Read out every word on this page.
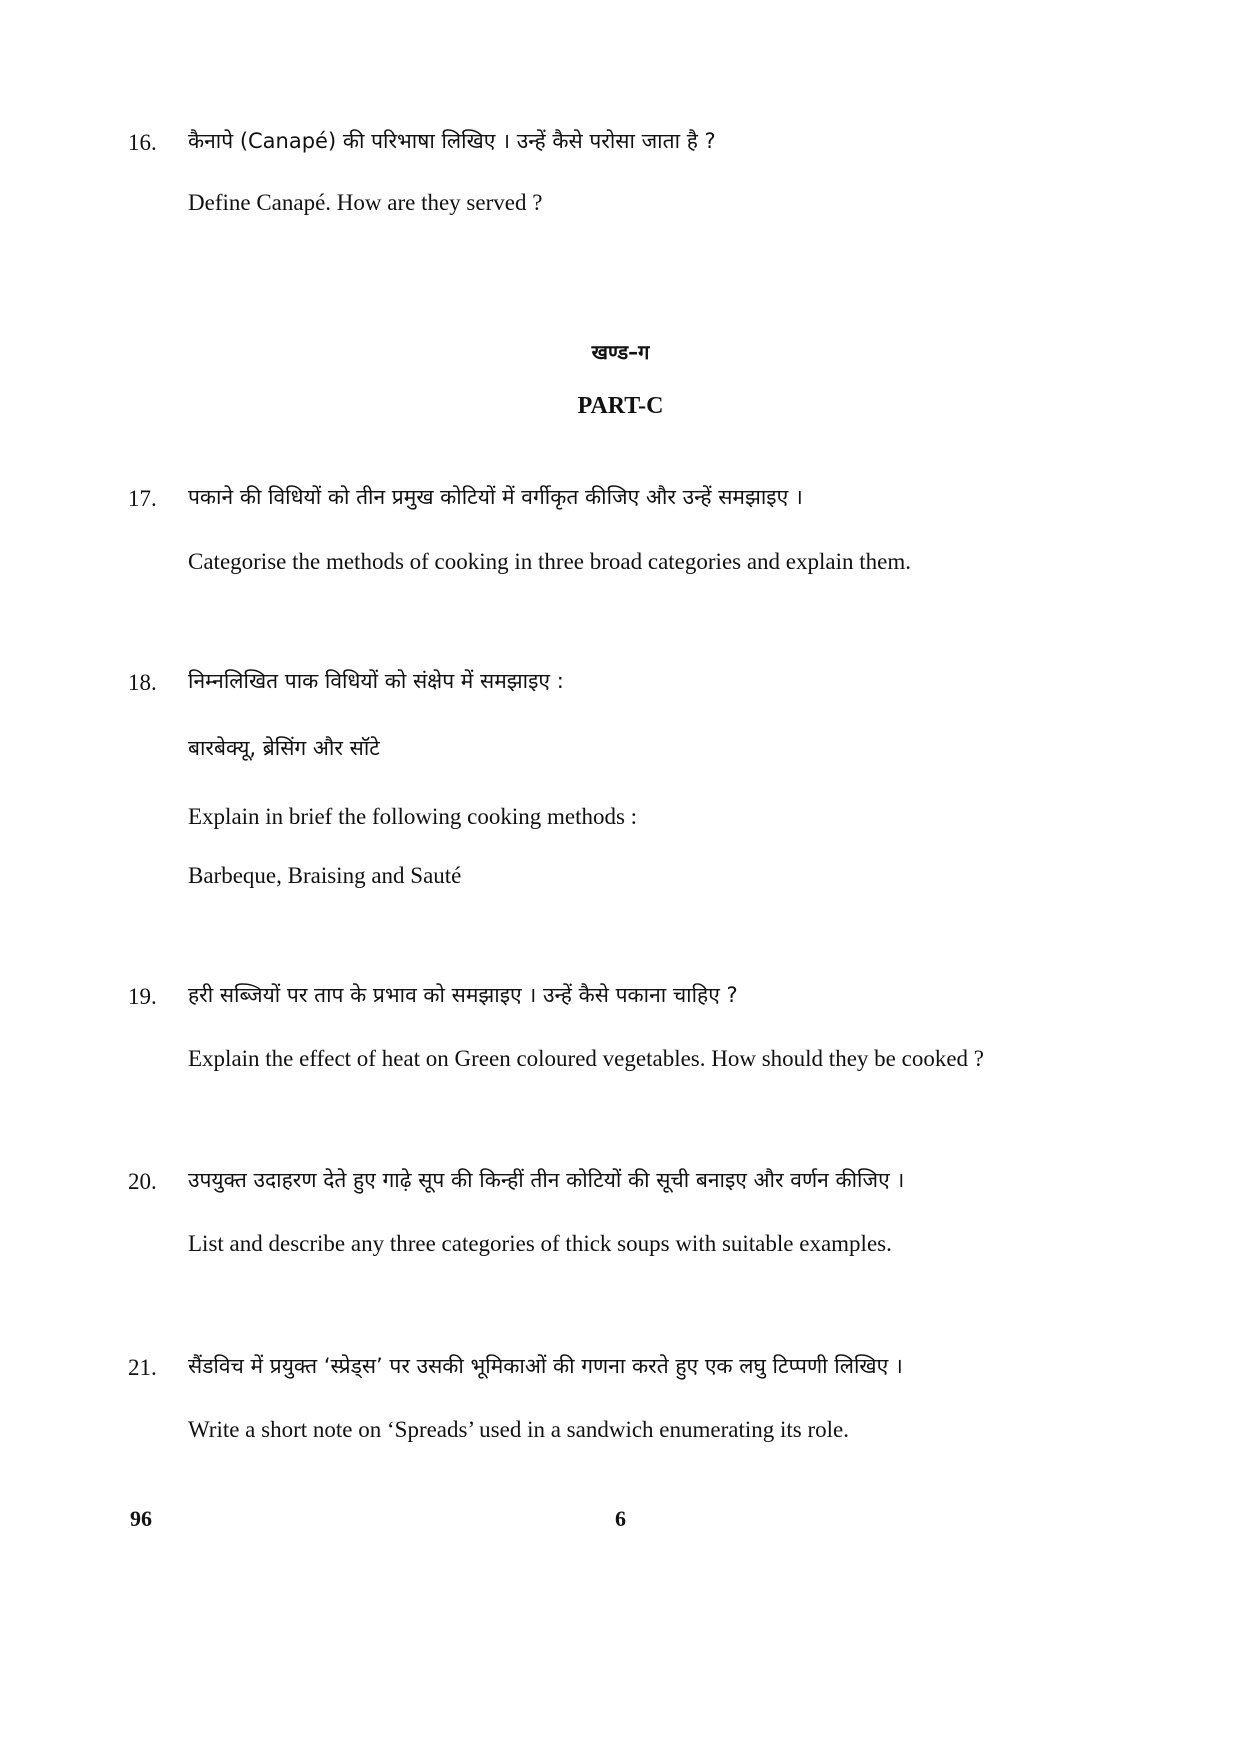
16. कैनापे (Canapé) की परिभाषा लिखिए । उन्हें कैसे परोसा जाता है ?
Define Canapé. How are they served ?
खण्ड–ग
PART-C
17. पकाने की विधियों को तीन प्रमुख कोटियों में वर्गीकृत कीजिए और उन्हें समझाइए ।
Categorise the methods of cooking in three broad categories and explain them.
18. निम्नलिखित पाक विधियों को संक्षेप में समझाइए :
बारबेक्यू, ब्रेसिंग और सॉटे
Explain in brief the following cooking methods :
Barbeque, Braising and Sauté
19. हरी सब्जियों पर ताप के प्रभाव को समझाइए । उन्हें कैसे पकाना चाहिए ?
Explain the effect of heat on Green coloured vegetables. How should they be cooked ?
20. उपयुक्त उदाहरण देते हुए गाढ़े सूप की किन्हीं तीन कोटियों की सूची बनाइए और वर्णन कीजिए ।
List and describe any three categories of thick soups with suitable examples.
21. सैंडविच में प्रयुक्त ‘स्प्रेड्स’ पर उसकी भूमिकाओं की गणना करते हुए एक लघु टिप्पणी लिखिए ।
Write a short note on ‘Spreads’ used in a sandwich enumerating its role.
96	6
